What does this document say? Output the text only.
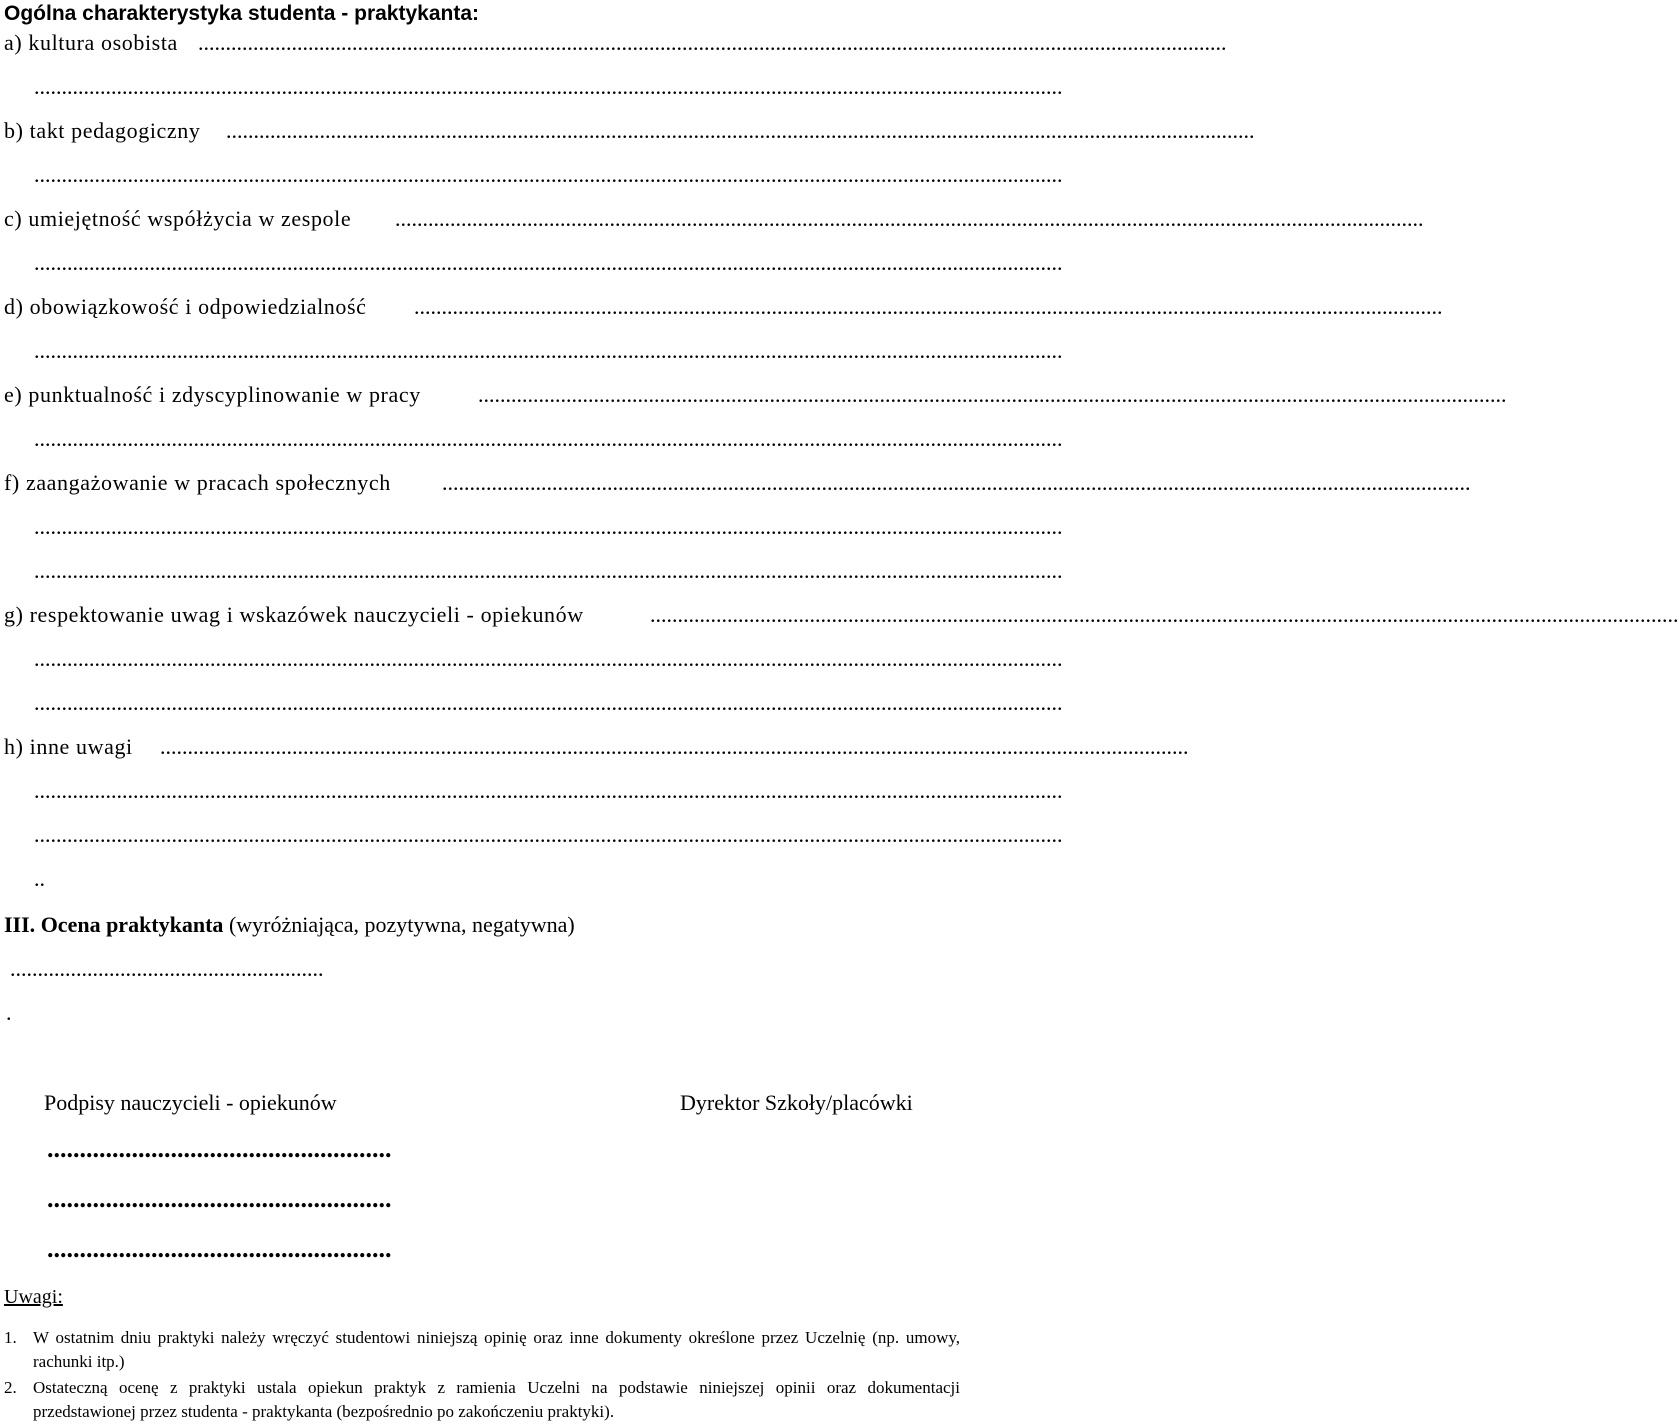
Ogólna charakterystyka studenta - praktykanta:
a) kultura osobista ...........................................................................................................................................................................................
...........................................................................................................................................................................................
b) takt pedagogiczny ...........................................................................................................................................................................................
...........................................................................................................................................................................................
c) umiejętność współżycia w zespole ...........................................................................................................................................................................................
...........................................................................................................................................................................................
d) obowiązkowość i odpowiedzialność ...........................................................................................................................................................................................
...........................................................................................................................................................................................
e) punktualność i zdyscyplinowanie w pracy	...........................................................................................................................................................................................
...........................................................................................................................................................................................
f) zaangażowanie w pracach społecznych ...........................................................................................................................................................................................
...........................................................................................................................................................................................
...........................................................................................................................................................................................
g) respektowanie uwag i wskazówek nauczycieli - opiekunów	...........................................................................................................................................................................................
...........................................................................................................................................................................................
...........................................................................................................................................................................................
h) inne uwagi ...........................................................................................................................................................................................
...........................................................................................................................................................................................
...........................................................................................................................................................................................
..
III. Ocena praktykanta (wyróżniająca, pozytywna, negatywna)
.........................................................
.
Podpisy nauczycieli - opiekunów	Dyrektor Szkoły/placówki
.....................................................
.....................................................
.....................................................
Uwagi:
1. W ostatnim dniu praktyki należy wręczyć studentowi niniejszą opinię oraz inne dokumenty określone przez Uczelnię (np. umowy, rachunki itp.)
2. Ostateczną ocenę z praktyki ustala opiekun praktyk z ramienia Uczelni na podstawie niniejszej opinii oraz dokumentacji przedstawionej przez studenta - praktykanta (bezpośrednio po zakończeniu praktyki).
